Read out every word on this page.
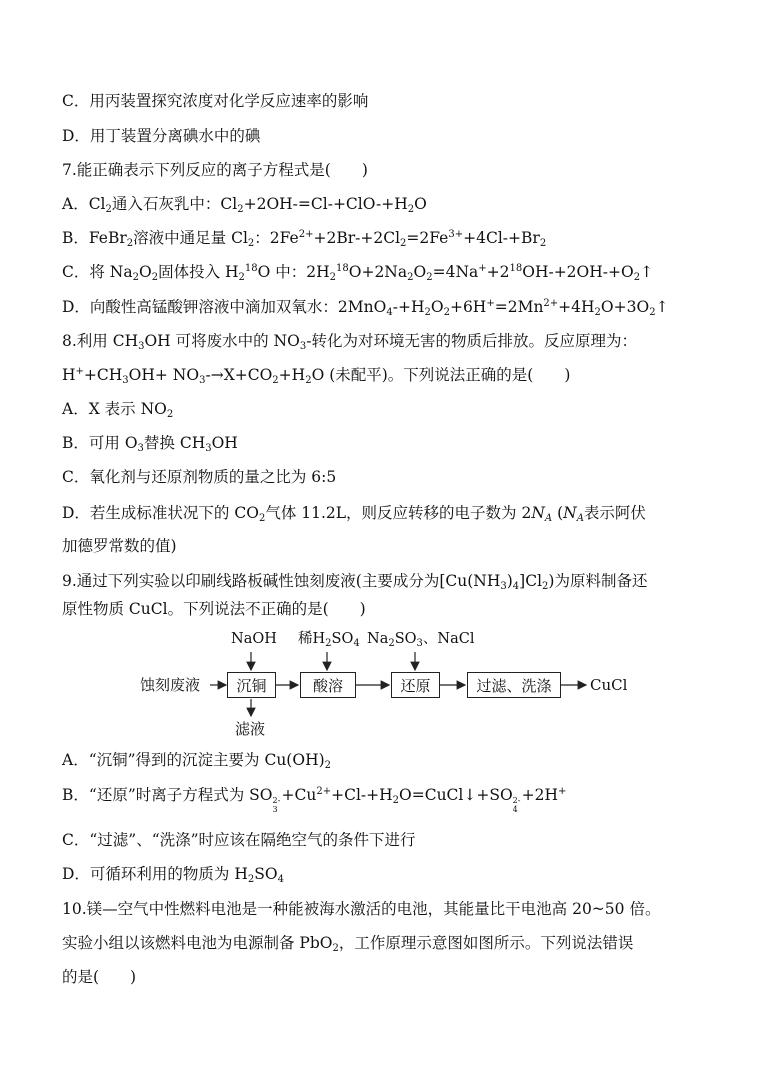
C．用丙装置探究浓度对化学反应速率的影响
D．用丁装置分离碘水中的碘
7.能正确表示下列反应的离子方程式是(　　)
A．$Cl_2$通入石灰乳中：$Cl_2+2OH-=Cl-+ClO-+H_2O$
B．FeBr$_2$溶液中通足量 $Cl_2$：$2Fe^{2+}+2Br-+2Cl_2=2Fe^{3+}+4Cl-+Br_2$
C．将 $Na_2O_2$固体投入 $H_2^{18}O$ 中：$2H_2^{18}O+2Na_2O_2=4Na^++2^{18}OH-+2OH-+O_2↑$
D．向酸性高锰酸钾溶液中滴加双氧水：$2MnO_4-+H_2O_2+6H^+=2Mn^{2+}+4H_2O+3O_2↑$
8.利用 $CH_3OH$ 可将废水中的 $NO_3-$转化为对环境无害的物质后排放。反应原理为：
$H^++CH_3OH+ NO_3-\to X+CO_2+H_2O$ (未配平)。下列说法正确的是(　　)
A．X 表示 $NO_2$
B．可用 $O_3$替换 $CH_3OH$
C．氧化剂与还原剂物质的量之比为 6:5
D．若生成标准状况下的 $CO_2$气体 11.2L，则反应转移的电子数为 $2N_A$ ($N_A$表示阿伏
加德罗常数的值)
9.通过下列实验以印刷线路板碱性蚀刻废液(主要成分为$[Cu(NH_3)_4]Cl_2$)为原料制备还
原性物质 CuCl。下列说法不正确的是(　　)
NaOH 稀$H_2SO_4$ $Na_2SO_3$、NaCl
蚀刻废液	沉铜	酸溶	还原	过滤、洗涤	CuCl
滤液
A．“沉铜”得到的沉淀主要为 $Cu(OH)_2$
B．“还原”时离子方程式为 SO 2-
3
$+Cu^{2+}+Cl-+H_2O=CuCl↓+SO$ 2-
4
+2H+
C．“过滤”、“洗涤”时应该在隔绝空气的条件下进行
D．可循环利用的物质为 $H_2SO_4$
10.镁—空气中性燃料电池是一种能被海水激活的电池，其能量比干电池高 20~50 倍。
实验小组以该燃料电池为电源制备 PbO$_2$，工作原理示意图如图所示。下列说法错误
的是(　　)
